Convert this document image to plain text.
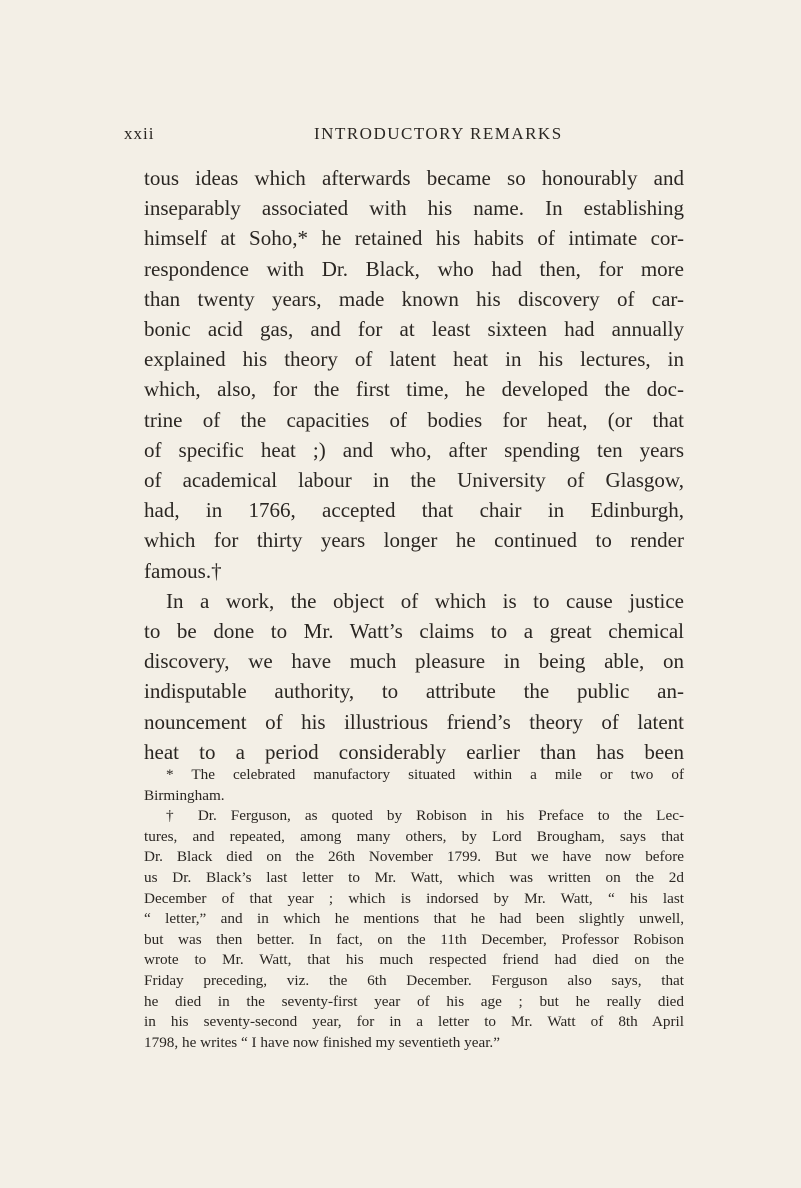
xxii	INTRODUCTORY REMARKS
tous ideas which afterwards became so honourably and
inseparably associated with his name. In establishing
himself at Soho,* he retained his habits of intimate cor-
respondence with Dr. Black, who had then, for more
than twenty years, made known his discovery of car-
bonic acid gas, and for at least sixteen had annually
explained his theory of latent heat in his lectures, in
which, also, for the first time, he developed the doc-
trine of the capacities of bodies for heat, (or that
of specific heat ;) and who, after spending ten years
of academical labour in the University of Glasgow,
had, in 1766, accepted that chair in Edinburgh,
which for thirty years longer he continued to render
famous.†
In a work, the object of which is to cause justice
to be done to Mr. Watt’s claims to a great chemical
discovery, we have much pleasure in being able, on
indisputable authority, to attribute the public an-
nouncement of his illustrious friend’s theory of latent
heat to a period considerably earlier than has been
* The celebrated manufactory situated within a mile or two of
Birmingham.
† Dr. Ferguson, as quoted by Robison in his Preface to the Lec-
tures, and repeated, among many others, by Lord Brougham, says that
Dr. Black died on the 26th November 1799. But we have now before
us Dr. Black’s last letter to Mr. Watt, which was written on the 2d
December of that year ; which is indorsed by Mr. Watt, “ his last
“ letter,” and in which he mentions that he had been slightly unwell,
but was then better. In fact, on the 11th December, Professor Robison
wrote to Mr. Watt, that his much respected friend had died on the
Friday preceding, viz. the 6th December. Ferguson also says, that
he died in the seventy-first year of his age ; but he really died
in his seventy-second year, for in a letter to Mr. Watt of 8th April
1798, he writes “ I have now finished my seventieth year.”
